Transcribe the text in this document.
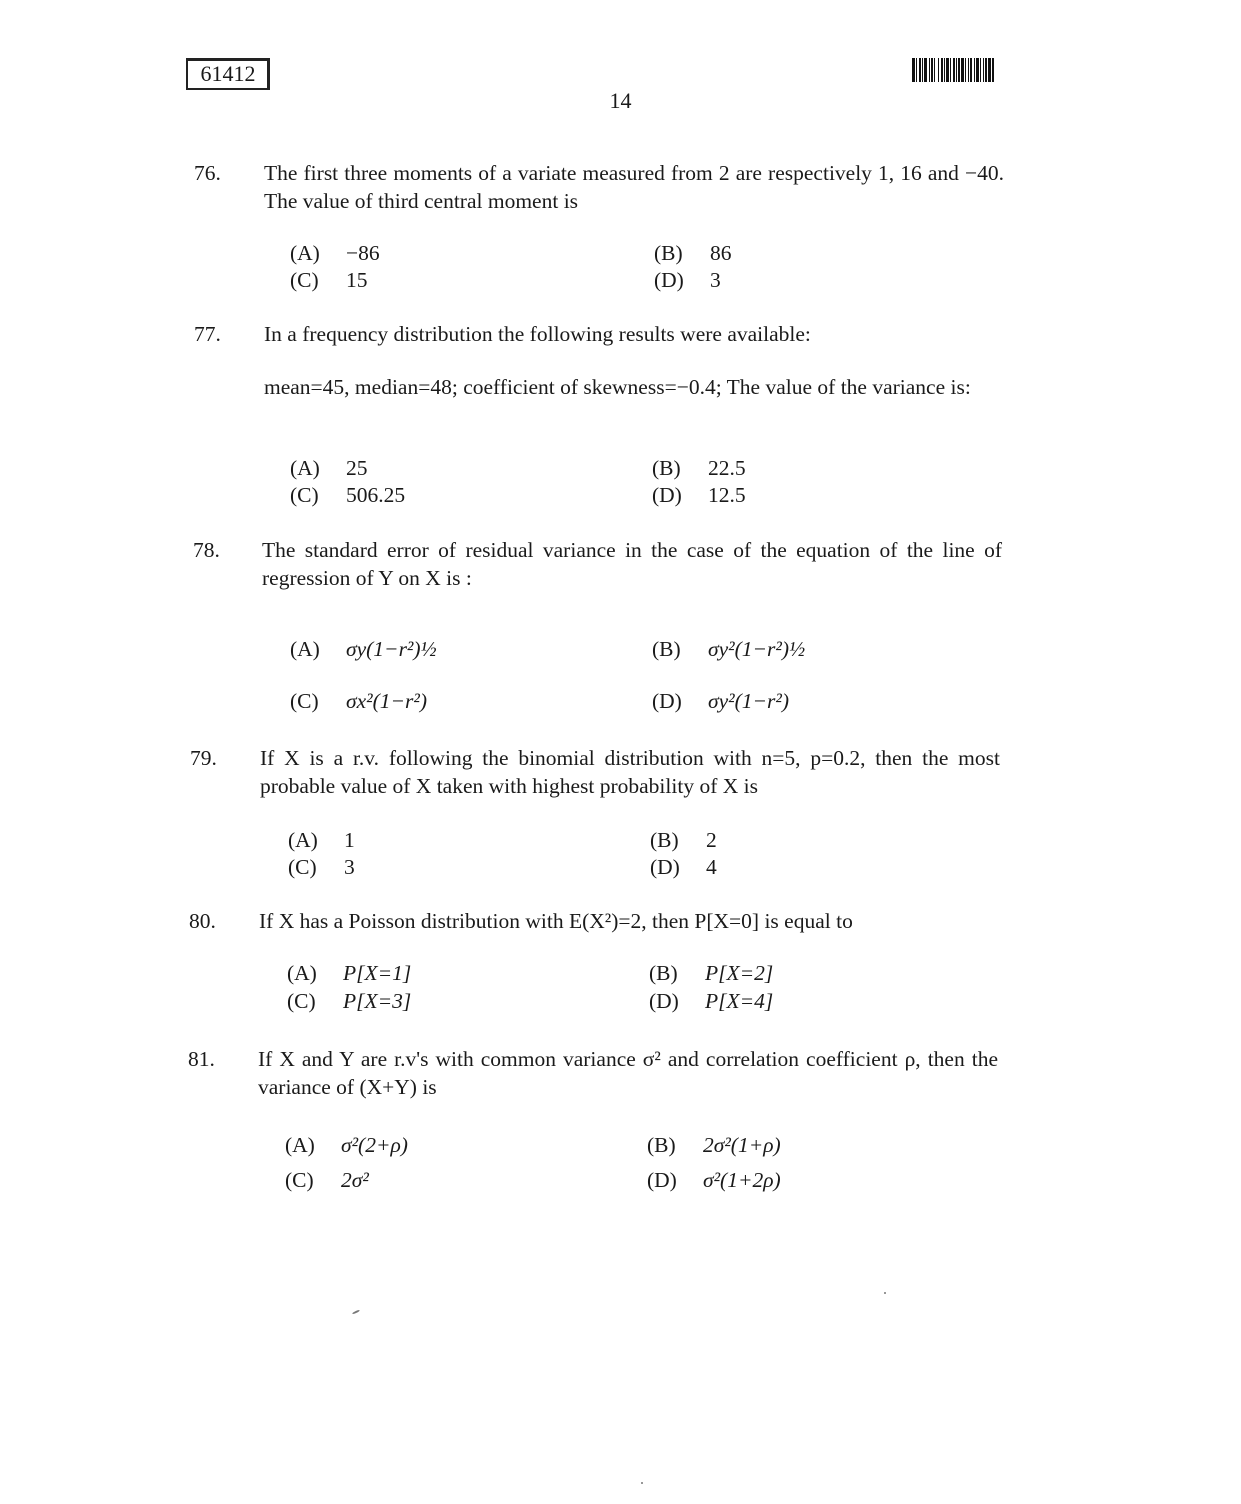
61412
14
76. The first three moments of a variate measured from 2 are respectively 1, 16 and −40. The value of third central moment is
(A) −86	(B) 86
(C) 15	(D) 3
77. In a frequency distribution the following results were available:
mean=45, median=48; coefficient of skewness=−0.4; The value of the variance is:
(A) 25	(B) 22.5
(C) 506.25	(D) 12.5
78. The standard error of residual variance in the case of the equation of the line of regression of Y on X is :
(A) σy(1−r²)½	(B) σy²(1−r²)½
(C) σx²(1−r²)	(D) σy²(1−r²)
79. If X is a r.v. following the binomial distribution with n=5, p=0.2, then the most probable value of X taken with highest probability of X is
(A) 1	(B) 2
(C) 3	(D) 4
80. If X has a Poisson distribution with E(X²)=2, then P[X=0] is equal to
(A) P[X=1]	(B) P[X=2]
(C) P[X=3]	(D) P[X=4]
81. If X and Y are r.v's with common variance σ² and correlation coefficient ρ, then the variance of (X+Y) is
(A) σ²(2+ρ)	(B) 2σ²(1+ρ)
(C) 2σ²	(D) σ²(1+2ρ)
